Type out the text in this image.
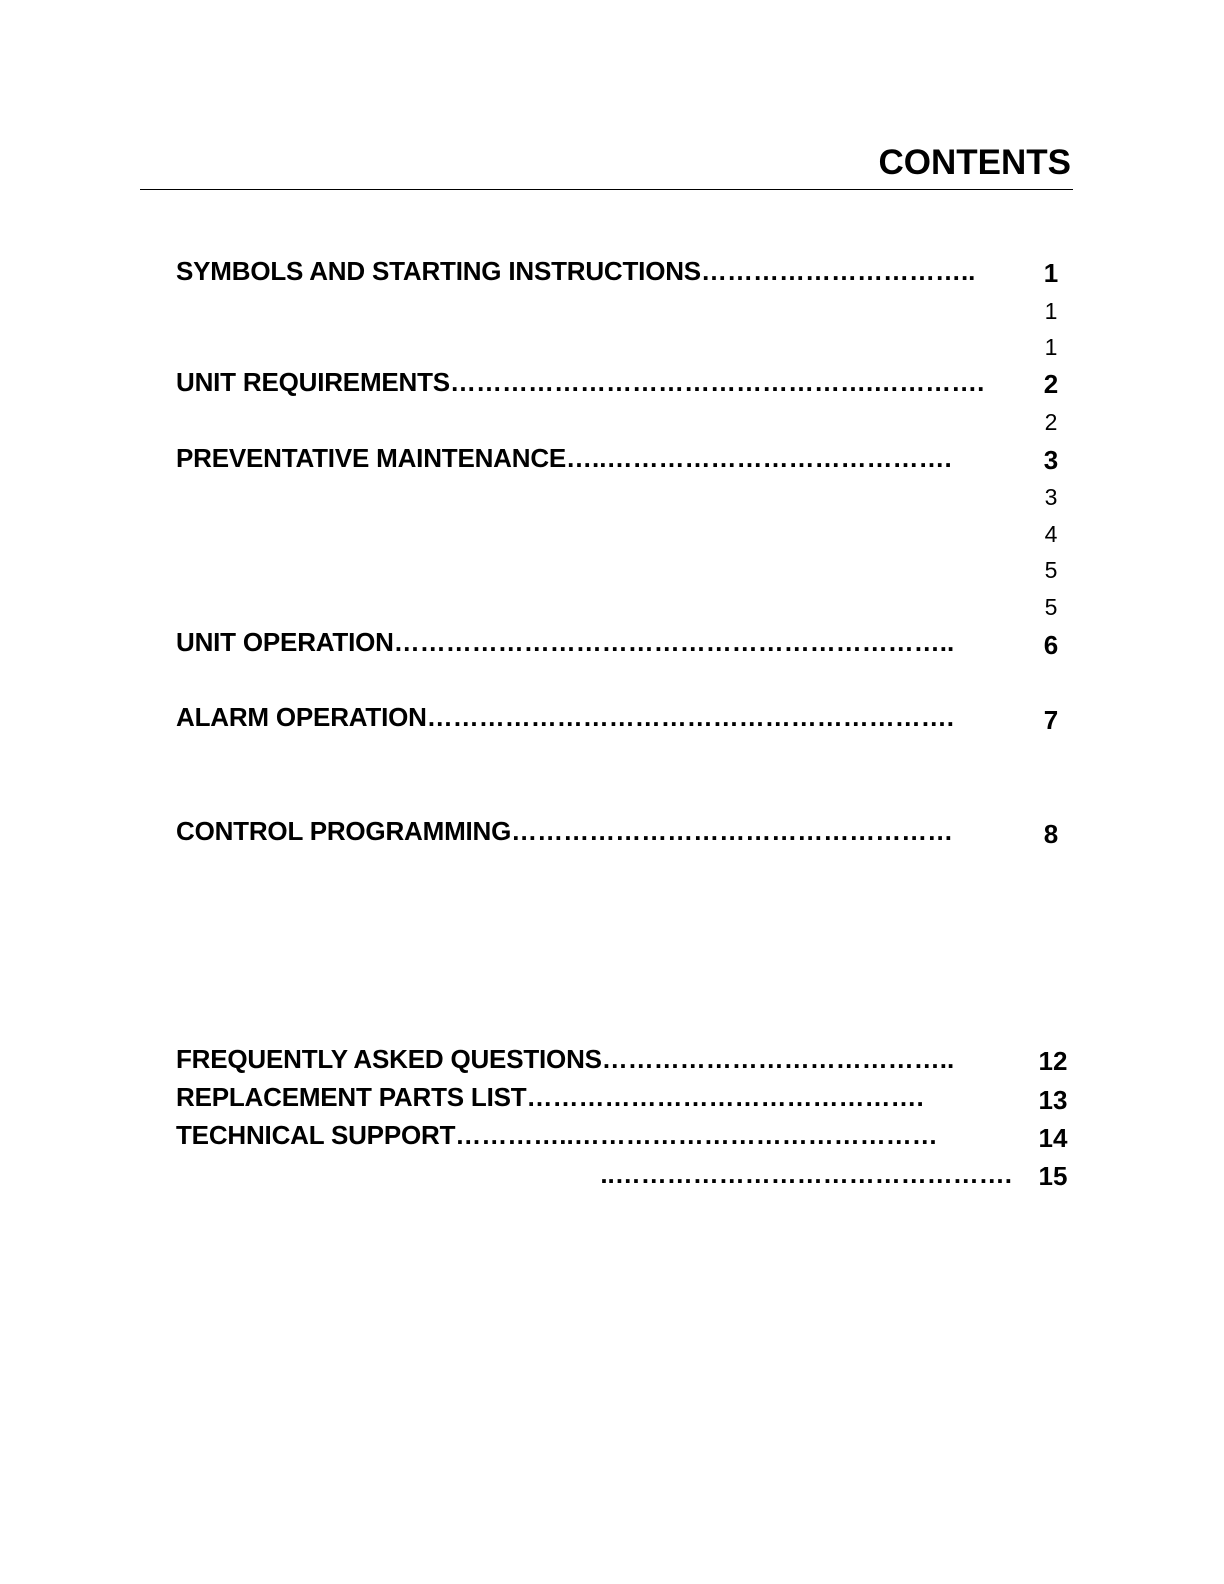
CONTENTS
SYMBOLS AND STARTING INSTRUCTIONS…………………………..	1
1
1
UNIT REQUIREMENTS………………………………………….………….	2
2
PREVENTATIVE MAINTENANCE…..………………………………….	3
3
4
5
5
UNIT OPERATION………………………………………………………..	6
ALARM OPERATION…………………………………………………….	7
CONTROL PROGRAMMING……………………………………………	8
FREQUENTLY ASKED QUESTIONS…………………………………..	12
REPLACEMENT PARTS LIST……………………………………….	13
TECHNICAL SUPPORT…………..……………………………………	14
..……………………………………….	15
